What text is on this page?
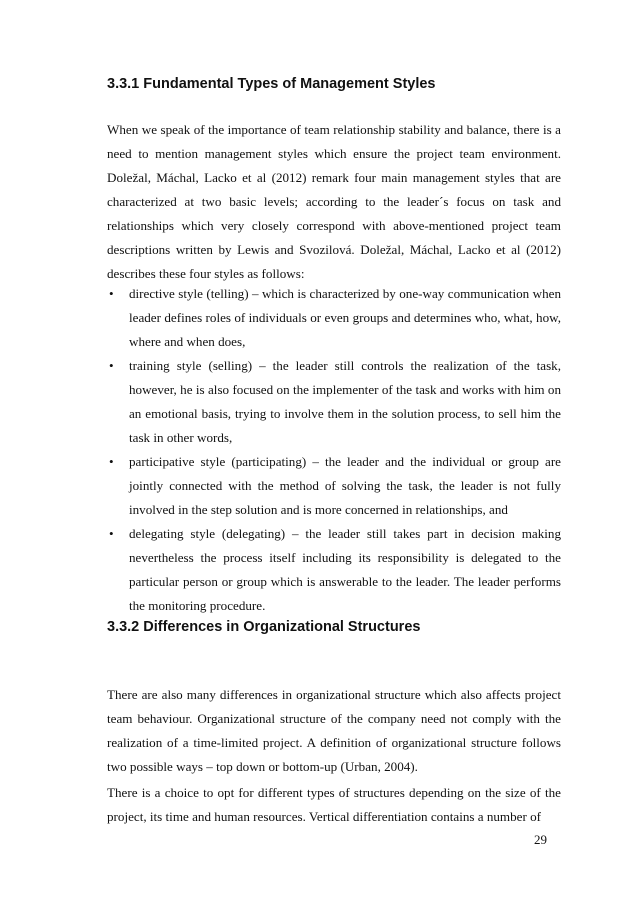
3.3.1 Fundamental Types of Management Styles

When we speak of the importance of team relationship stability and balance, there is a need to mention management styles which ensure the project team environment. Doležal, Máchal, Lacko et al (2012) remark four main management styles that are characterized at two basic levels; according to the leader´s focus on task and relationships which very closely correspond with above-mentioned project team descriptions written by Lewis and Svozilová. Doležal, Máchal, Lacko et al (2012) describes these four styles as follows:

• directive style (telling) – which is characterized by one-way communication when leader defines roles of individuals or even groups and determines who, what, how, where and when does,
• training style (selling) – the leader still controls the realization of the task, however, he is also focused on the implementer of the task and works with him on an emotional basis, trying to involve them in the solution process, to sell him the task in other words,
• participative style (participating) – the leader and the individual or group are jointly connected with the method of solving the task, the leader is not fully involved in the step solution and is more concerned in relationships, and
• delegating style (delegating) – the leader still takes part in decision making nevertheless the process itself including its responsibility is delegated to the particular person or group which is answerable to the leader. The leader performs the monitoring procedure.
3.3.2 Differences in Organizational Structures

There are also many differences in organizational structure which also affects project team behaviour. Organizational structure of the company need not comply with the realization of a time-limited project. A definition of organizational structure follows two possible ways – top down or bottom-up (Urban, 2004).

There is a choice to opt for different types of structures depending on the size of the project, its time and human resources. Vertical differentiation contains a number of

29
